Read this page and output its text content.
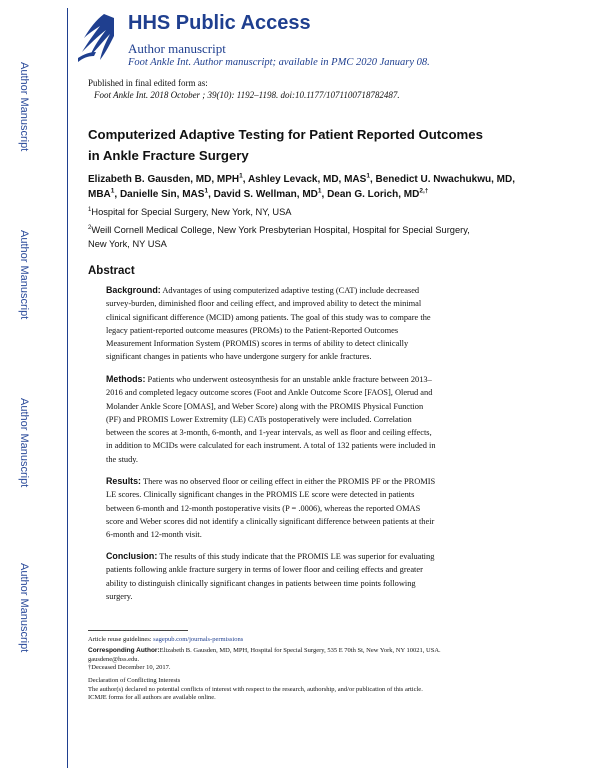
Author Manuscript
Author Manuscript
Author Manuscript
Author Manuscript
HHS Public Access
Author manuscript
Foot Ankle Int. Author manuscript; available in PMC 2020 January 08.
Published in final edited form as:
Foot Ankle Int. 2018 October ; 39(10): 1192–1198. doi:10.1177/1071100718782487.
Computerized Adaptive Testing for Patient Reported Outcomes
in Ankle Fracture Surgery
Elizabeth B. Gausden, MD, MPH$^1$, Ashley Levack, MD, MAS$^1$, Benedict U. Nwachukwu, MD,
MBA$^1$, Danielle Sin, MAS$^1$, David S. Wellman, $MD^1$, Dean G. Lorich, $MD^{2,\dagger}$
$^1$Hospital for Special Surgery, New York, NY, USA
$^2$Weill Cornell Medical College, New York Presbyterian Hospital, Hospital for Special Surgery,
New York, NY USA
Abstract
Background: Advantages of using computerized adaptive testing (CAT) include decreased
survey-burden, diminished floor and ceiling effect, and improved ability to detect the minimal
clinical significant difference (MCID) among patients. The goal of this study was to compare the
legacy patient-reported outcome measures (PROMs) to the Patient-Reported Outcomes
Measurement Information System (PROMIS) scores in terms of ability to detect clinically
significant changes in patients who have undergone surgery for ankle fractures.
Methods: Patients who underwent osteosynthesis for an unstable ankle fracture between 2013–
2016 and completed legacy outcome scores (Foot and Ankle Outcome Score [FAOS], Olerud and
Molander Ankle Score [OMAS], and Weber Score) along with the PROMIS Physical Function
(PF) and PROMIS Lower Extremity (LE) CATs postoperatively were included. Correlation
between the scores at 3-month, 6-month, and 1-year intervals, as well as floor and ceiling effects,
in addition to MCIDs were calculated for each instrument. A total of 132 patients were included in
the study.
Results: There was no observed floor or ceiling effect in either the PROMIS PF or the PROMIS
LE scores. Clinically significant changes in the PROMIS LE score were detected in patients
between 6-month and 12-month postoperative visits (P = .0006), whereas the reported OMAS
score and Weber scores did not identify a clinically significant difference between patients at their
6-month and 12-month visit.
Conclusion: The results of this study indicate that the PROMIS LE was superior for evaluating
patients following ankle fracture surgery in terms of lower floor and ceiling effects and greater
ability to distinguish clinically significant changes in patients between time points following
surgery.
Article reuse guidelines: sagepub.com/journals-permissions
Corresponding Author:Elizabeth B. Gausden, MD, MPH, Hospital for Special Surgery, 535 E 70th St, New York, NY 10021, USA.
gausdene@hss.edu.
†Deceased December 10, 2017.
Declaration of Conflicting Interests
The author(s) declared no potential conflicts of interest with respect to the research, authorship, and/or publication of this article.
ICMJE forms for all authors are available online.
